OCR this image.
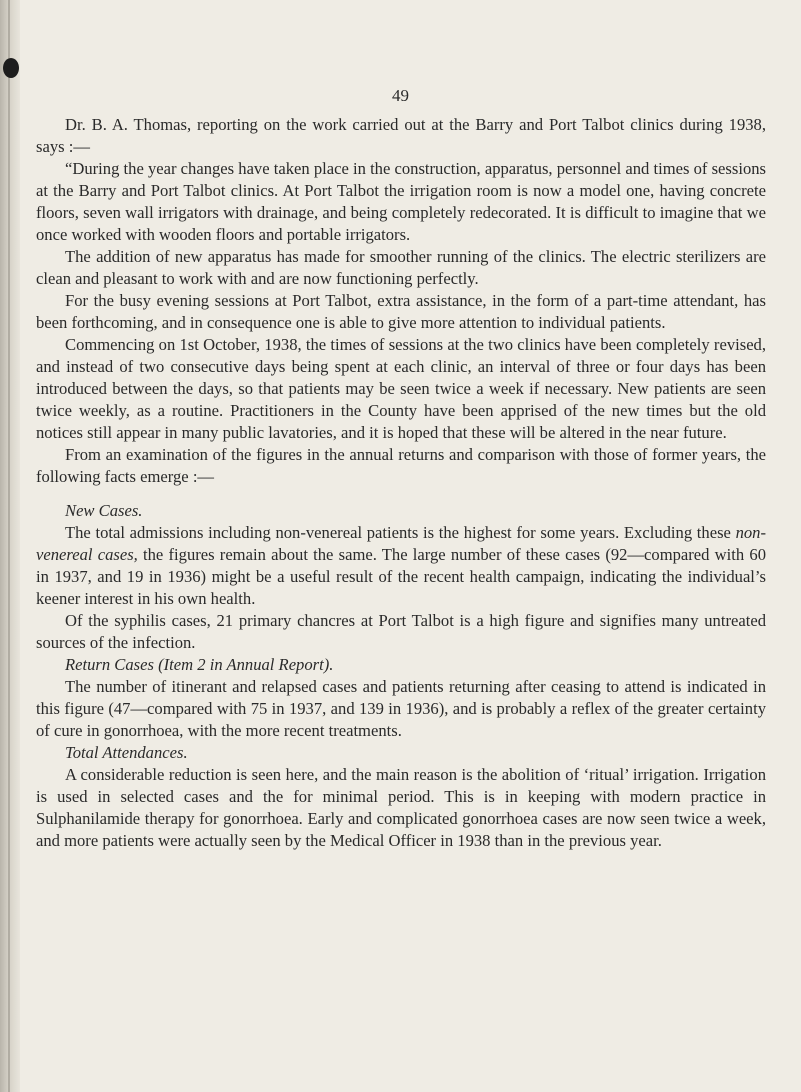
49

Dr. B. A. Thomas, reporting on the work carried out at the Barry and Port Talbot clinics during 1938, says :—

“During the year changes have taken place in the construction, apparatus, personnel and times of sessions at the Barry and Port Talbot clinics. At Port Talbot the irrigation room is now a model one, having concrete floors, seven wall irrigators with drainage, and being completely redecorated. It is difficult to imagine that we once worked with wooden floors and portable irrigators.

The addition of new apparatus has made for smoother running of the clinics. The electric sterilizers are clean and pleasant to work with and are now functioning perfectly.

For the busy evening sessions at Port Talbot, extra assistance, in the form of a part-time attendant, has been forthcoming, and in consequence one is able to give more attention to individual patients.

Commencing on 1st October, 1938, the times of sessions at the two clinics have been completely revised, and instead of two consecutive days being spent at each clinic, an interval of three or four days has been introduced between the days, so that patients may be seen twice a week if necessary. New patients are seen twice weekly, as a routine. Practitioners in the County have been apprised of the new times but the old notices still appear in many public lavatories, and it is hoped that these will be altered in the near future.

From an examination of the figures in the annual returns and comparison with those of former years, the following facts emerge :—

New Cases.

The total admissions including non-venereal patients is the highest for some years. Excluding these non-venereal cases, the figures remain about the same. The large number of these cases (92—compared with 60 in 1937, and 19 in 1936) might be a useful result of the recent health campaign, indicating the individual’s keener interest in his own health.

Of the syphilis cases, 21 primary chancres at Port Talbot is a high figure and signifies many untreated sources of the infection.

Return Cases (Item 2 in Annual Report).

The number of itinerant and relapsed cases and patients returning after ceasing to attend is indicated in this figure (47—compared with 75 in 1937, and 139 in 1936), and is probably a reflex of the greater certainty of cure in gonorrhoea, with the more recent treatments.

Total Attendances.

A considerable reduction is seen here, and the main reason is the abolition of ‘ritual’ irrigation. Irrigation is used in selected cases and the for minimal period. This is in keeping with modern practice in Sulphanilamide therapy for gonorrhoea. Early and complicated gonorrhoea cases are now seen twice a week, and more patients were actually seen by the Medical Officer in 1938 than in the previous year.
